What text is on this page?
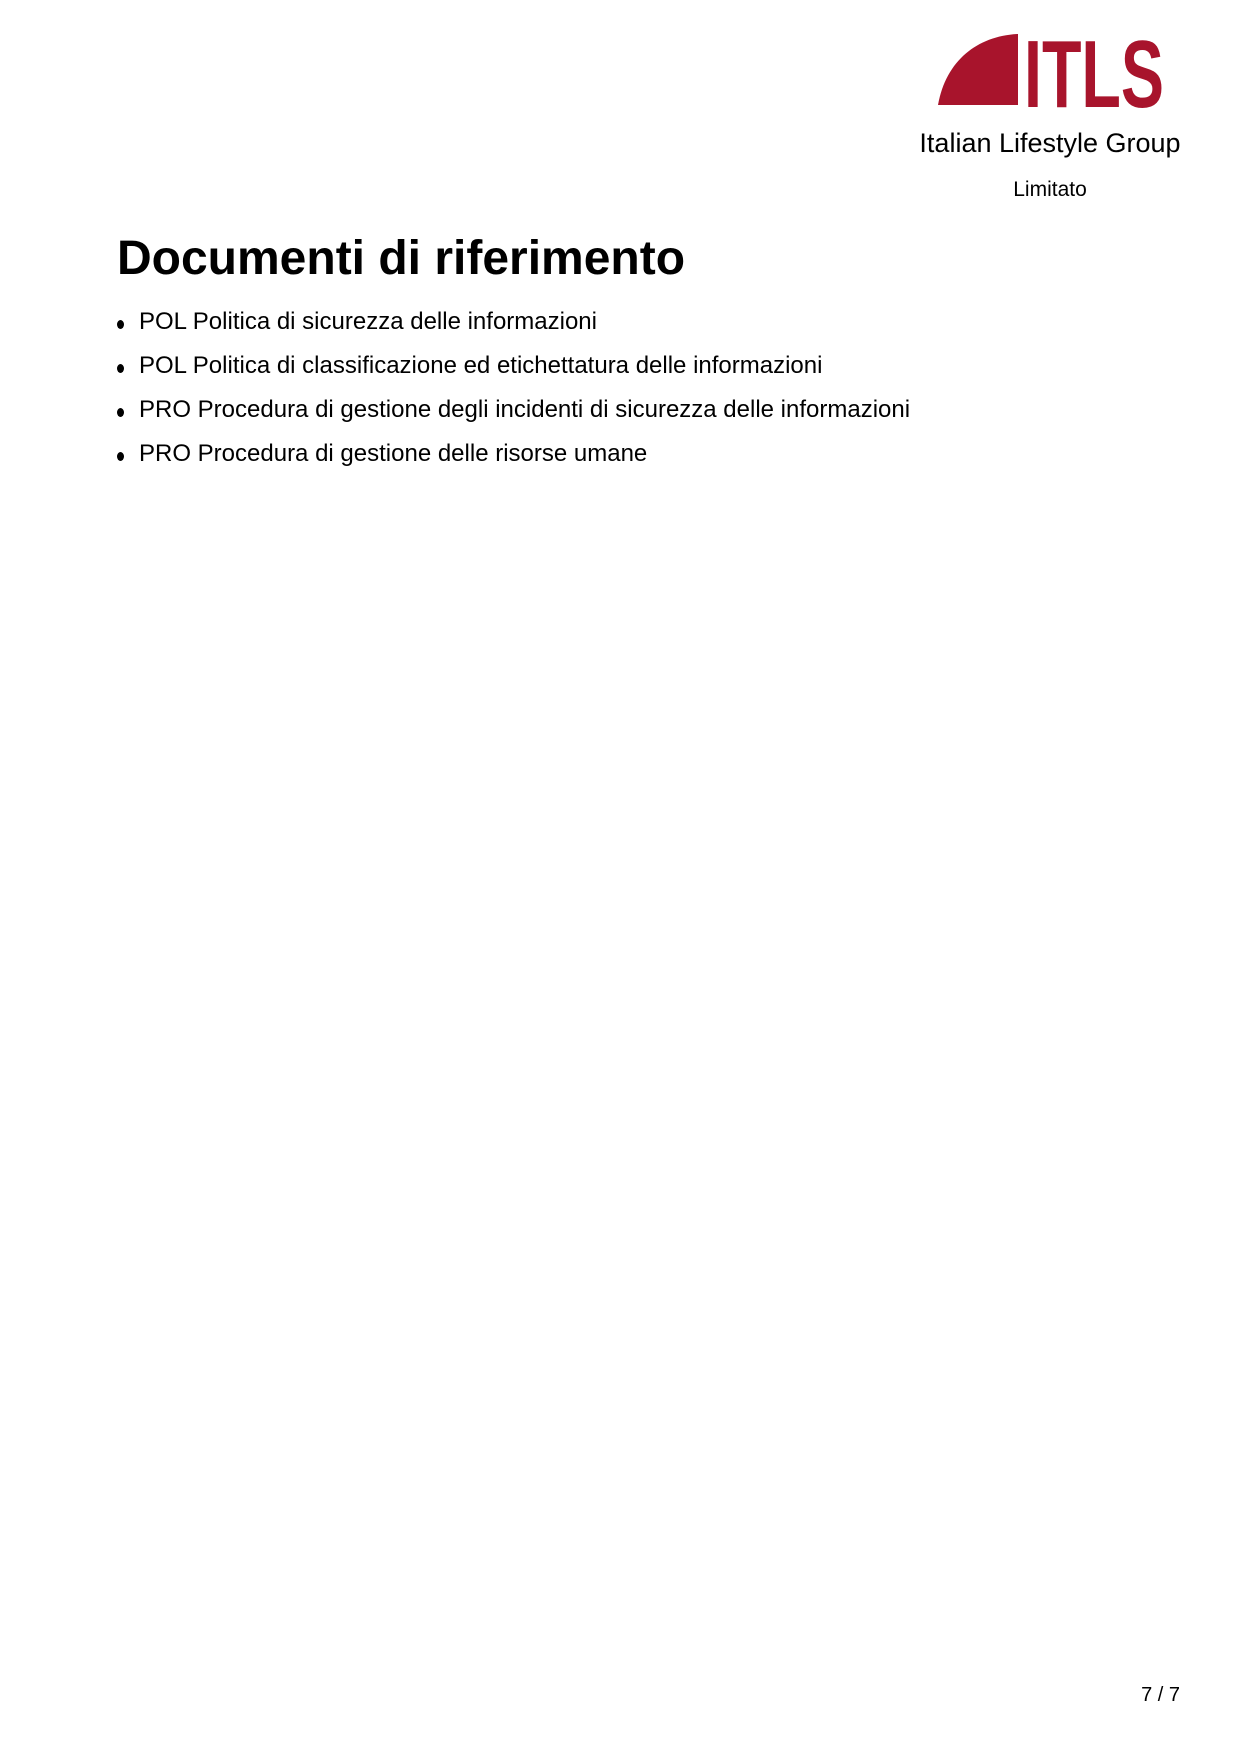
ITLS
Italian Lifestyle Group
Limitato
Documenti di riferimento
POL Politica di sicurezza delle informazioni
POL Politica di classificazione ed etichettatura delle informazioni
PRO Procedura di gestione degli incidenti di sicurezza delle informazioni
PRO Procedura di gestione delle risorse umane
7 / 7
